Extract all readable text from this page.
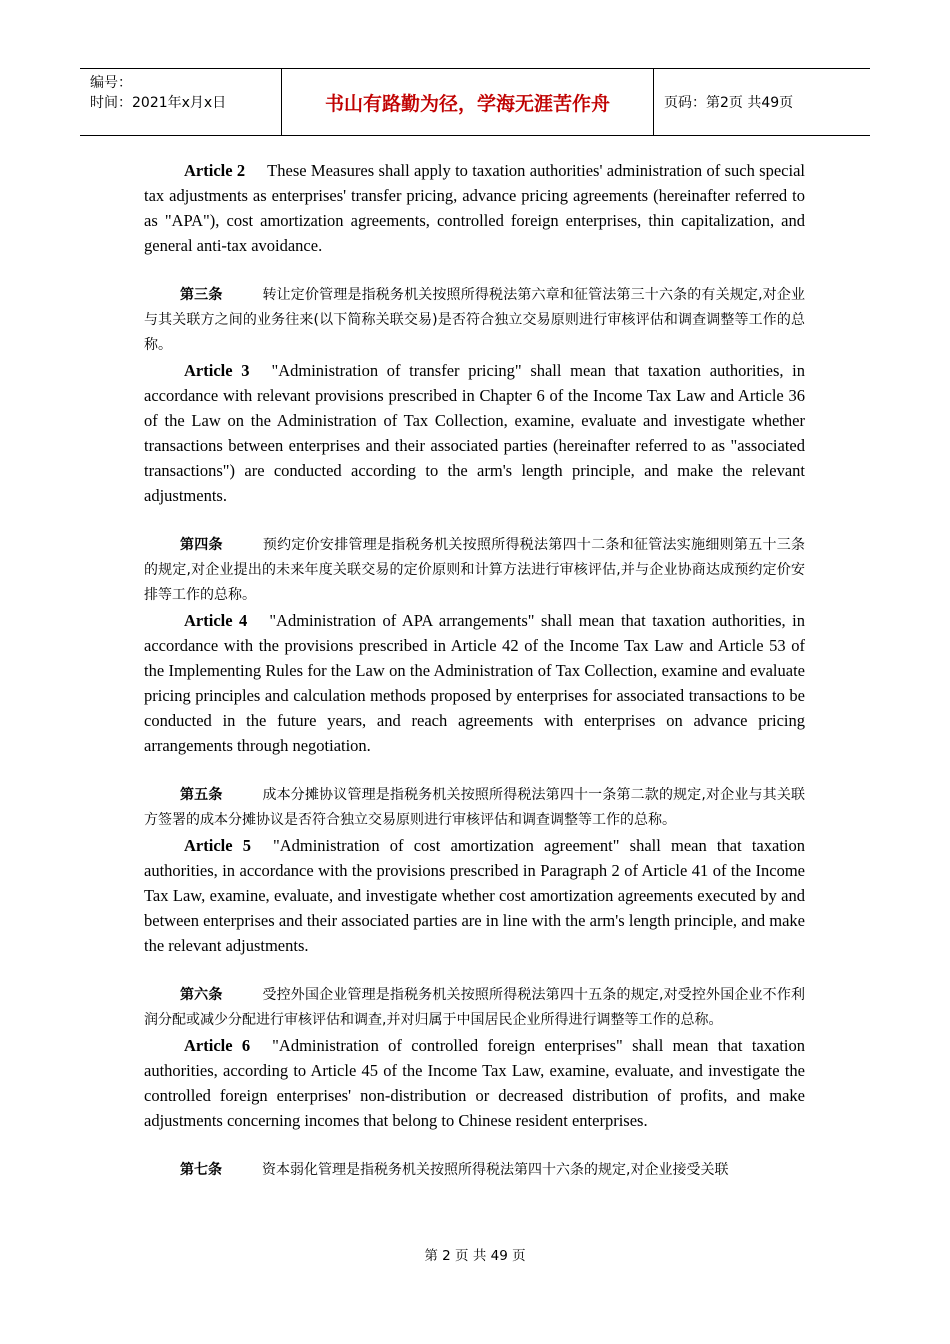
编号：
时间：2021年x月x日	书山有路勤为径，学海无涯苦作舟	页码：第2页 共49页

Article 2 These Measures shall apply to taxation authorities' administration of such special tax adjustments as enterprises' transfer pricing, advance pricing agreements (hereinafter referred to as "APA"), cost amortization agreements, controlled foreign enterprises, thin capitalization, and general anti-tax avoidance.

第三条	转让定价管理是指税务机关按照所得税法第六章和征管法第三十六条的有关规定,对企业与其关联方之间的业务往来(以下简称关联交易)是否符合独立交易原则进行审核评估和调查调整等工作的总称。

Article 3 "Administration of transfer pricing" shall mean that taxation authorities, in accordance with relevant provisions prescribed in Chapter 6 of the Income Tax Law and Article 36 of the Law on the Administration of Tax Collection, examine, evaluate and investigate whether transactions between enterprises and their associated parties (hereinafter referred to as "associated transactions") are conducted according to the arm's length principle, and make the relevant adjustments.

第四条	预约定价安排管理是指税务机关按照所得税法第四十二条和征管法实施细则第五十三条的规定,对企业提出的未来年度关联交易的定价原则和计算方法进行审核评估,并与企业协商达成预约定价安排等工作的总称。

Article 4 "Administration of APA arrangements" shall mean that taxation authorities, in accordance with the provisions prescribed in Article 42 of the Income Tax Law and Article 53 of the Implementing Rules for the Law on the Administration of Tax Collection, examine and evaluate pricing principles and calculation methods proposed by enterprises for associated transactions to be conducted in the future years, and reach agreements with enterprises on advance pricing arrangements through negotiation.

第五条	成本分摊协议管理是指税务机关按照所得税法第四十一条第二款的规定,对企业与其关联方签署的成本分摊协议是否符合独立交易原则进行审核评估和调查调整等工作的总称。

Article 5 "Administration of cost amortization agreement" shall mean that taxation authorities, in accordance with the provisions prescribed in Paragraph 2 of Article 41 of the Income Tax Law, examine, evaluate, and investigate whether cost amortization agreements executed by and between enterprises and their associated parties are in line with the arm's length principle, and make the relevant adjustments.

第六条	受控外国企业管理是指税务机关按照所得税法第四十五条的规定,对受控外国企业不作利润分配或减少分配进行审核评估和调查,并对归属于中国居民企业所得进行调整等工作的总称。

Article 6 "Administration of controlled foreign enterprises" shall mean that taxation authorities, according to Article 45 of the Income Tax Law, examine, evaluate, and investigate the controlled foreign enterprises' non-distribution or decreased distribution of profits, and make adjustments concerning incomes that belong to Chinese resident enterprises.

第七条	资本弱化管理是指税务机关按照所得税法第四十六条的规定,对企业接受关联

第 2 页 共 49 页
